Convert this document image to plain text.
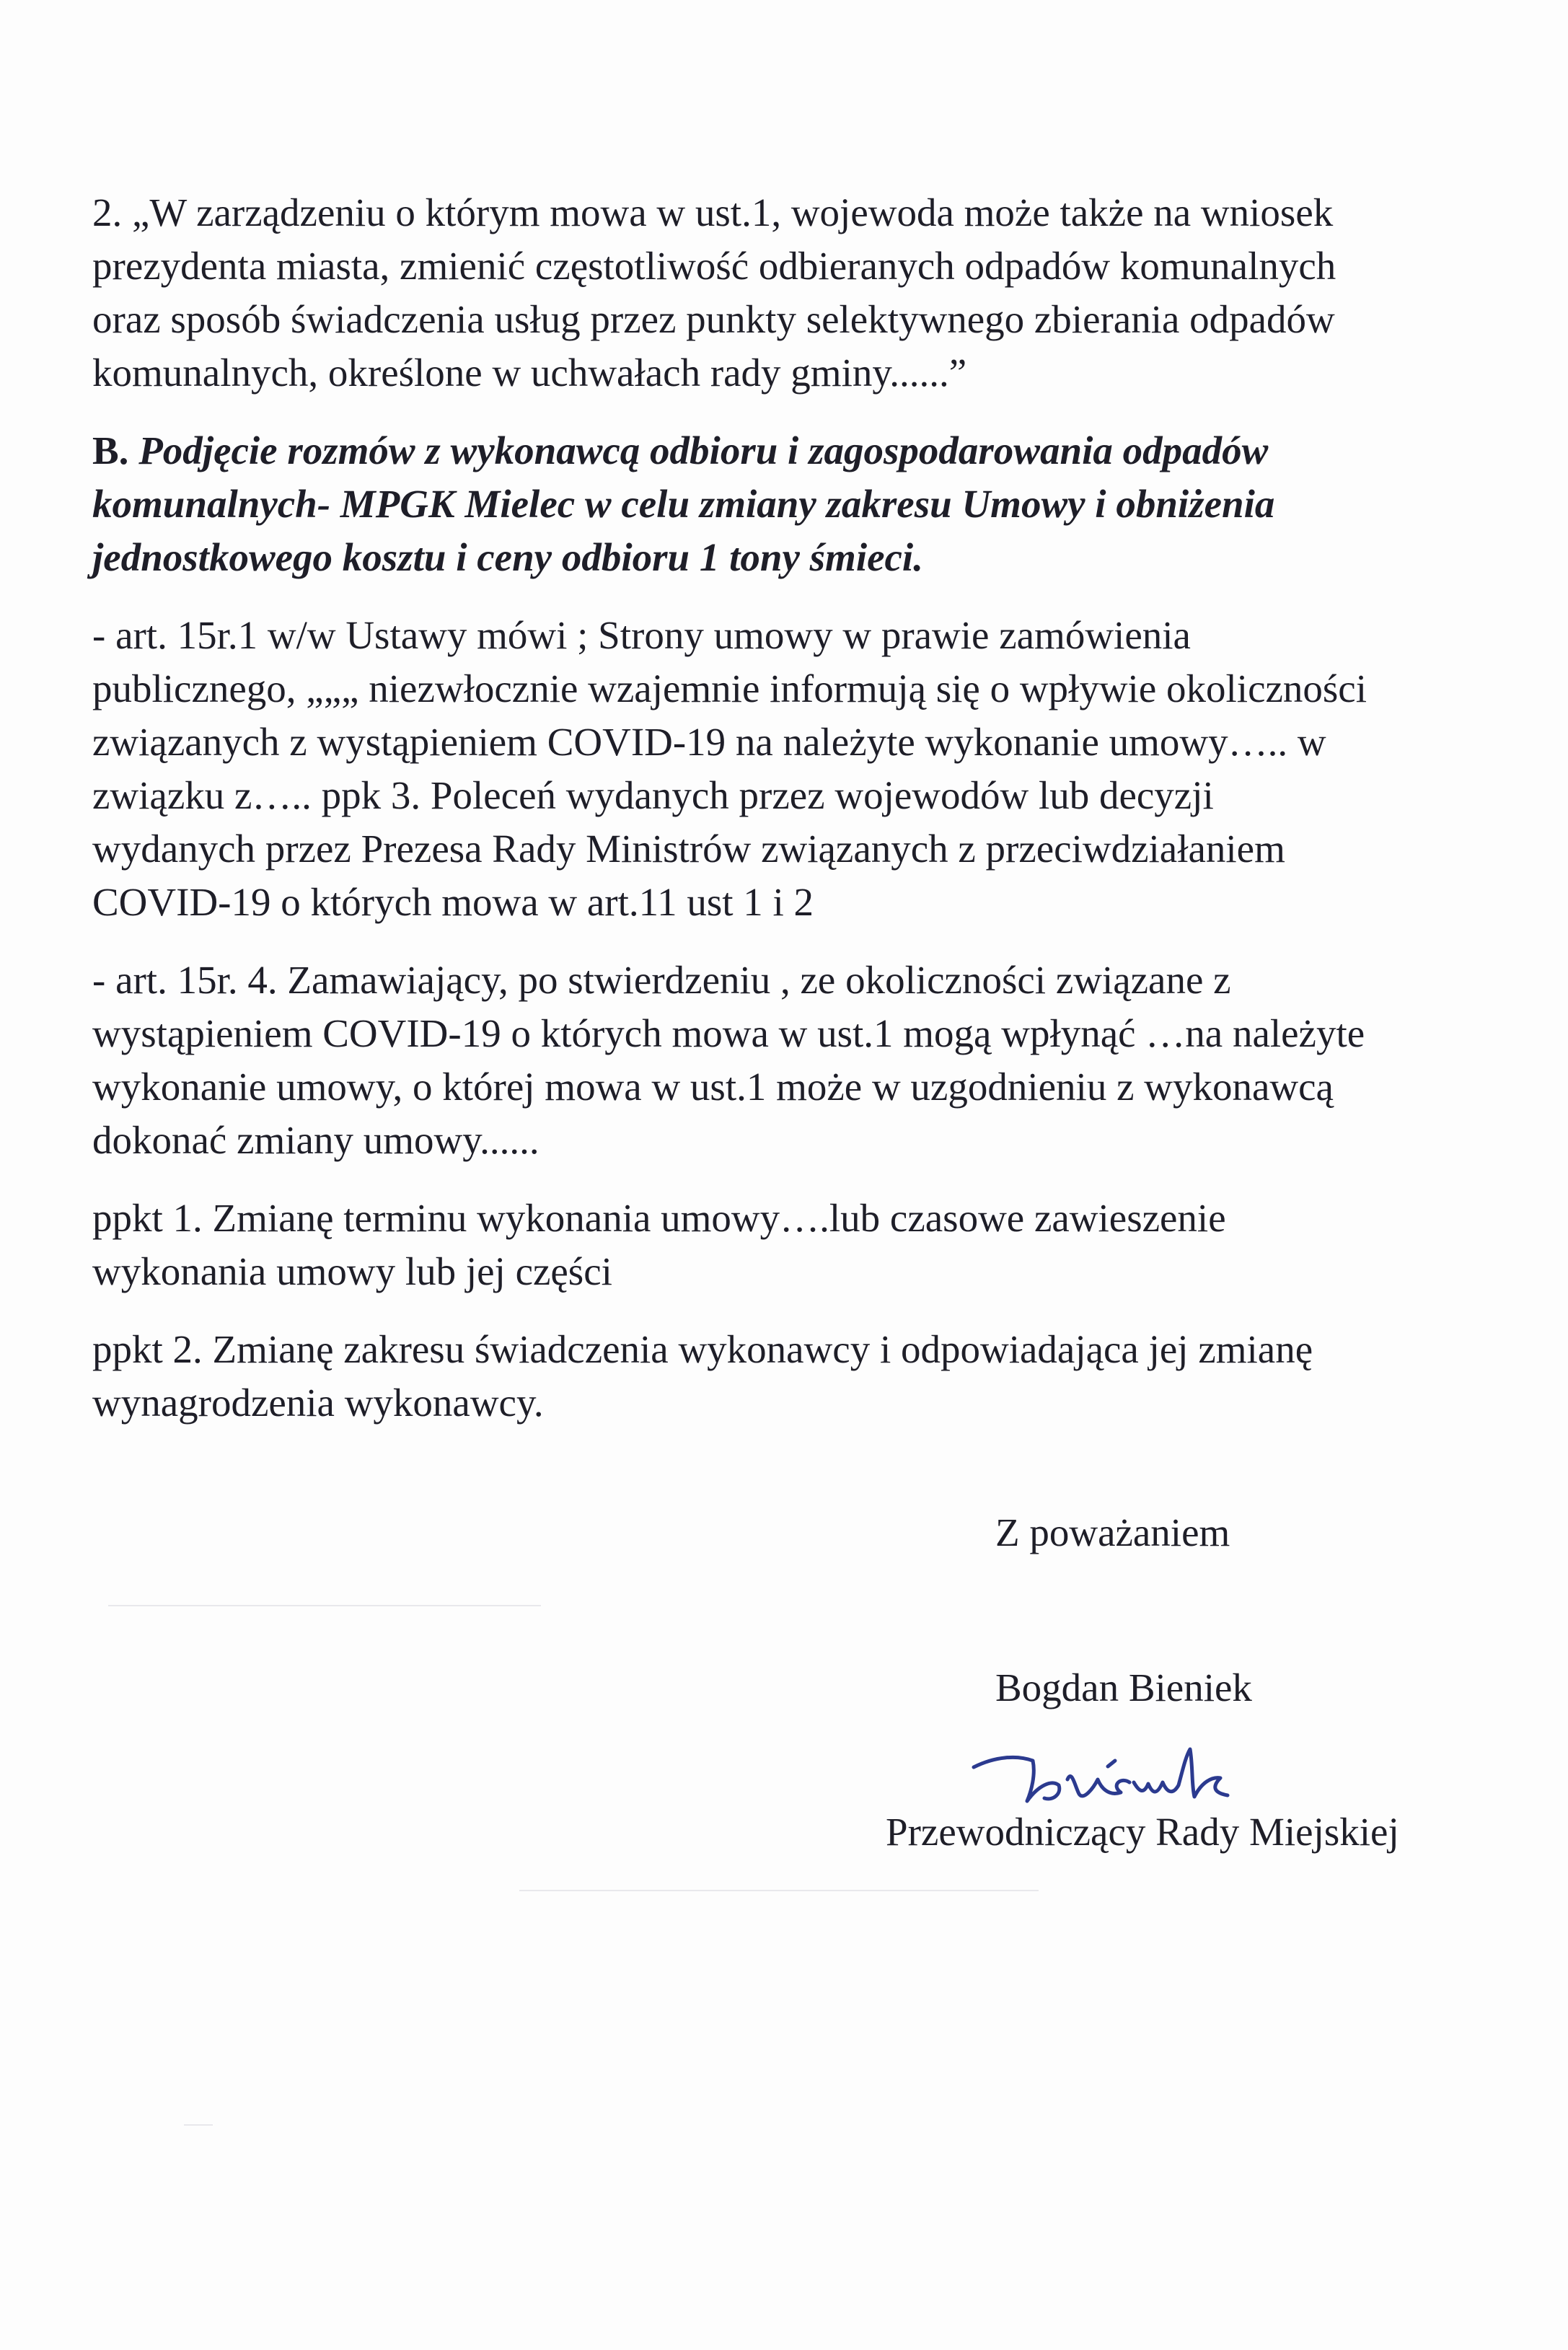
2. „W zarządzeniu o którym mowa w ust.1, wojewoda może także na wniosek
prezydenta miasta, zmienić częstotliwość odbieranych odpadów komunalnych
oraz sposób świadczenia usług przez punkty selektywnego zbierania odpadów
komunalnych, określone w uchwałach rady gminy......”

B. Podjęcie rozmów z wykonawcą odbioru i zagospodarowania odpadów
komunalnych- MPGK Mielec w celu zmiany zakresu Umowy i obniżenia
jednostkowego kosztu i ceny odbioru 1 tony śmieci.

- art. 15r.1 w/w Ustawy mówi ; Strony umowy w prawie zamówienia
publicznego, „„„ niezwłocznie wzajemnie informują się o wpływie okoliczności
związanych z wystąpieniem COVID-19 na należyte wykonanie umowy….. w
związku z….. ppk 3. Poleceń wydanych przez wojewodów lub decyzji
wydanych przez Prezesa Rady Ministrów związanych z przeciwdziałaniem
COVID-19 o których mowa w art.11 ust 1 i 2

- art. 15r. 4. Zamawiający, po stwierdzeniu , ze okoliczności związane z
wystąpieniem COVID-19 o których mowa w ust.1 mogą wpłynąć …na należyte
wykonanie umowy, o której mowa w ust.1 może w uzgodnieniu z wykonawcą
dokonać zmiany umowy......

ppkt 1. Zmianę terminu wykonania umowy….lub czasowe zawieszenie
wykonania umowy lub jej części

ppkt 2. Zmianę zakresu świadczenia wykonawcy i odpowiadająca jej zmianę
wynagrodzenia wykonawcy.

Z poważaniem
Bogdan Bieniek
Przewodniczący Rady Miejskiej
